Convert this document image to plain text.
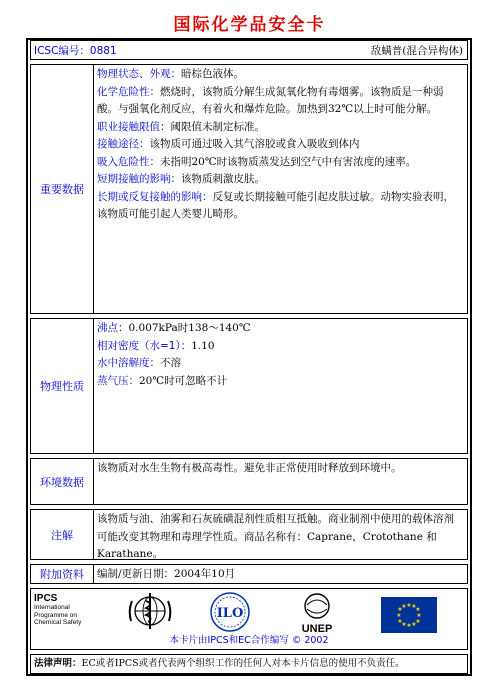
国际化学品安全卡
ICSC编号：0881	敌螨普(混合异构体)
重要数据
物理状态、外观：暗棕色液体。
化学危险性：燃烧时，该物质分解生成氮氧化物有毒烟雾。该物质是一种弱酸。与强氧化剂反应，有着火和爆炸危险。加热到32℃以上时可能分解。
职业接触限值：阈限值未制定标准。
接触途径：该物质可通过吸入其气溶胶或食入吸收到体内
吸入危险性：未指明20℃时该物质蒸发达到空气中有害浓度的速率。
短期接触的影响：该物质刺激皮肤。
长期或反复接触的影响：反复或长期接触可能引起皮肤过敏。动物实验表明，该物质可能引起人类婴儿畸形。
物理性质
沸点：0.007kPa时138～140℃
相对密度（水=1）：1.10
水中溶解度：不溶
蒸气压：20℃时可忽略不计
环境数据
该物质对水生生物有极高毒性。避免非正常使用时释放到环境中。
注解
该物质与油、油雾和石灰硫磺混剂性质相互抵触。商业制剂中使用的载体溶剂可能改变其物理和毒理学性质。商品名称有：Caprane，Crotothane 和 Karathane。
附加资料	编制/更新日期：2004年10月
IPCS
International
Programme on
Chemical Safety
ILO
UNEP
★ ★
★
★
★
★
★
★
★
★
★
★
本卡片由IPCS和EC合作编写 © 2002
法律声明：EC或者IPCS或者代表两个组织工作的任何人对本卡片信息的使用不负责任。
